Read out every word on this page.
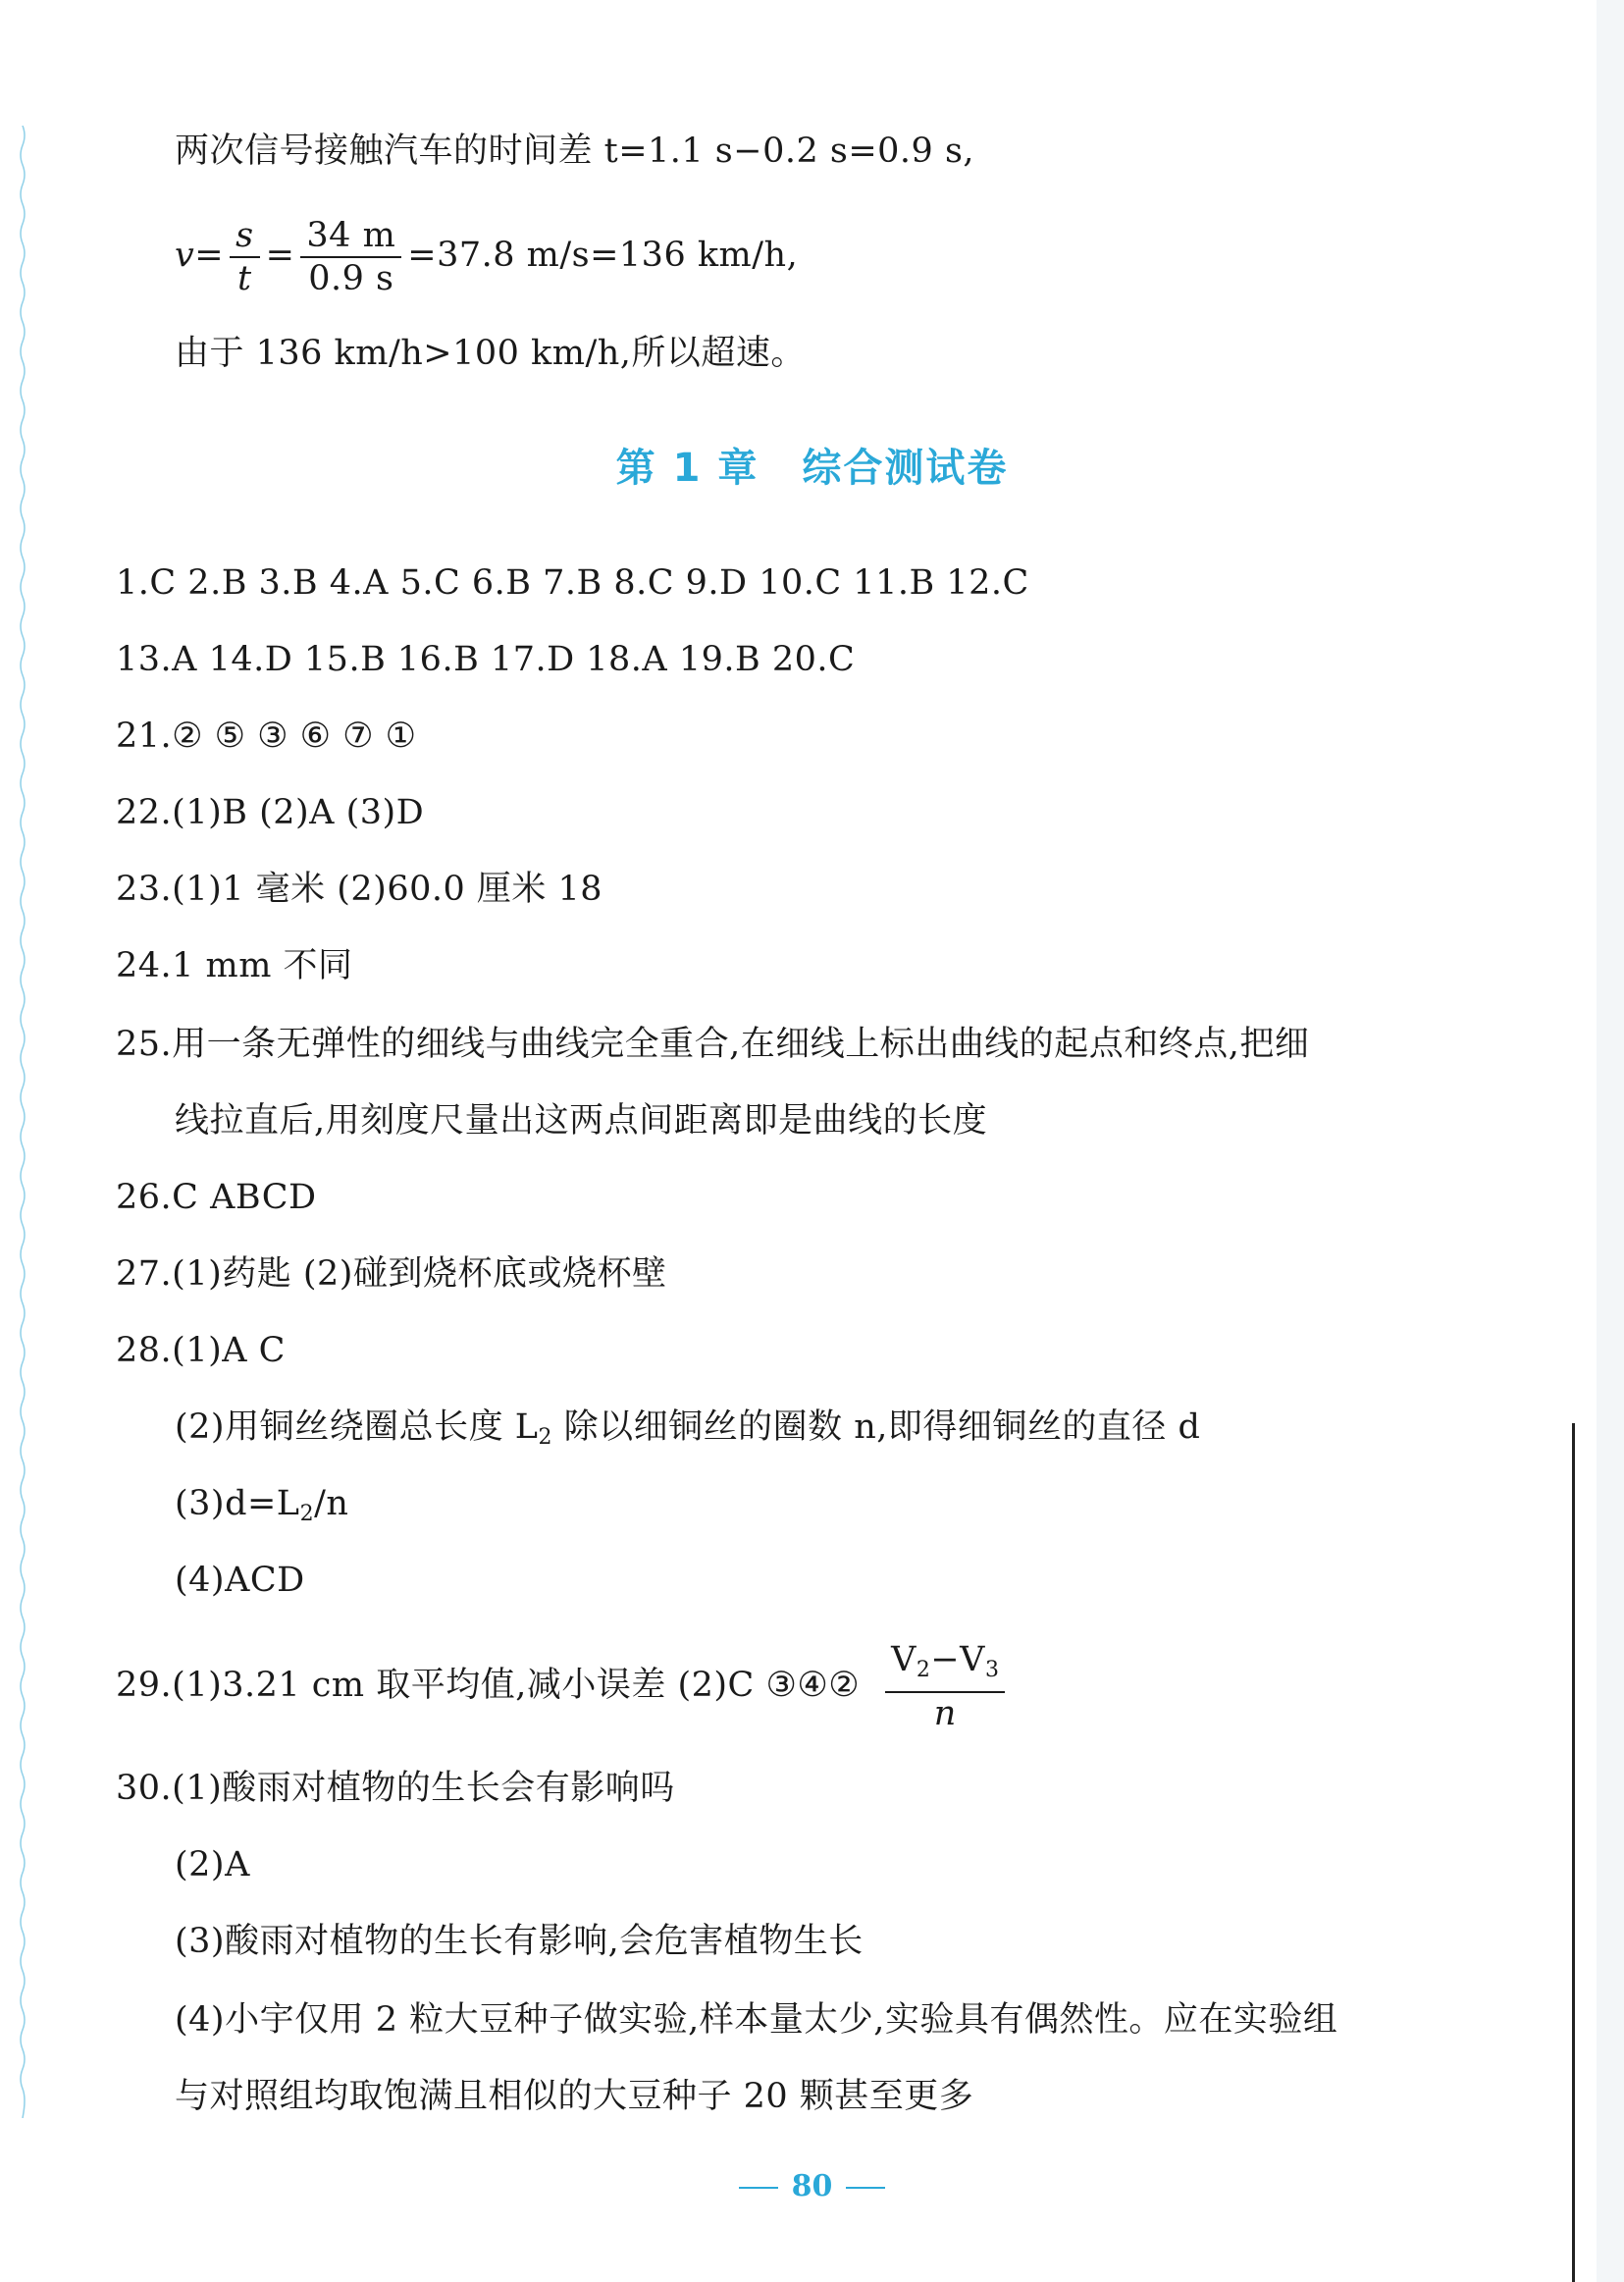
两次信号接触汽车的时间差 t=1.1 s−0.2 s=0.9 s,
$v= \frac{s}{t} = \frac{34 m}{0.9 s} =37.8$ m/s=136 km/h,
由于 136 km/h>100 km/h,所以超速。
第 1 章 综合测试卷
1.C 2.B 3.B 4.A 5.C 6.B 7.B 8.C 9.D 10.C 11.B 12.C
13.A 14.D 15.B 16.B 17.D 18.A 19.B 20.C
21.② ⑤ ③ ⑥ ⑦ ①
22.(1)B (2)A (3)D
23.(1)1 毫米 (2)60.0 厘米 18
24.1 mm 不同
25.用一条无弹性的细线与曲线完全重合,在细线上标出曲线的起点和终点,把细
线拉直后,用刻度尺量出这两点间距离即是曲线的长度
26.C ABCD
27.(1)药匙 (2)碰到烧杯底或烧杯壁
28.(1)A C
(2)用铜丝绕圈总长度 $L_2$ 除以细铜丝的圈数 n,即得细铜丝的直径 d
$(3)d=L_2/n$
(4)ACD
29.(1)3.21 cm 取平均值,减小误差 (2)C ③④② $\frac{V_2-V_3}{n}$
30.(1)酸雨对植物的生长会有影响吗
(2)A
(3)酸雨对植物的生长有影响,会危害植物生长
(4)小宇仅用 2 粒大豆种子做实验,样本量太少,实验具有偶然性。应在实验组
与对照组均取饱满且相似的大豆种子 20 颗甚至更多
80
